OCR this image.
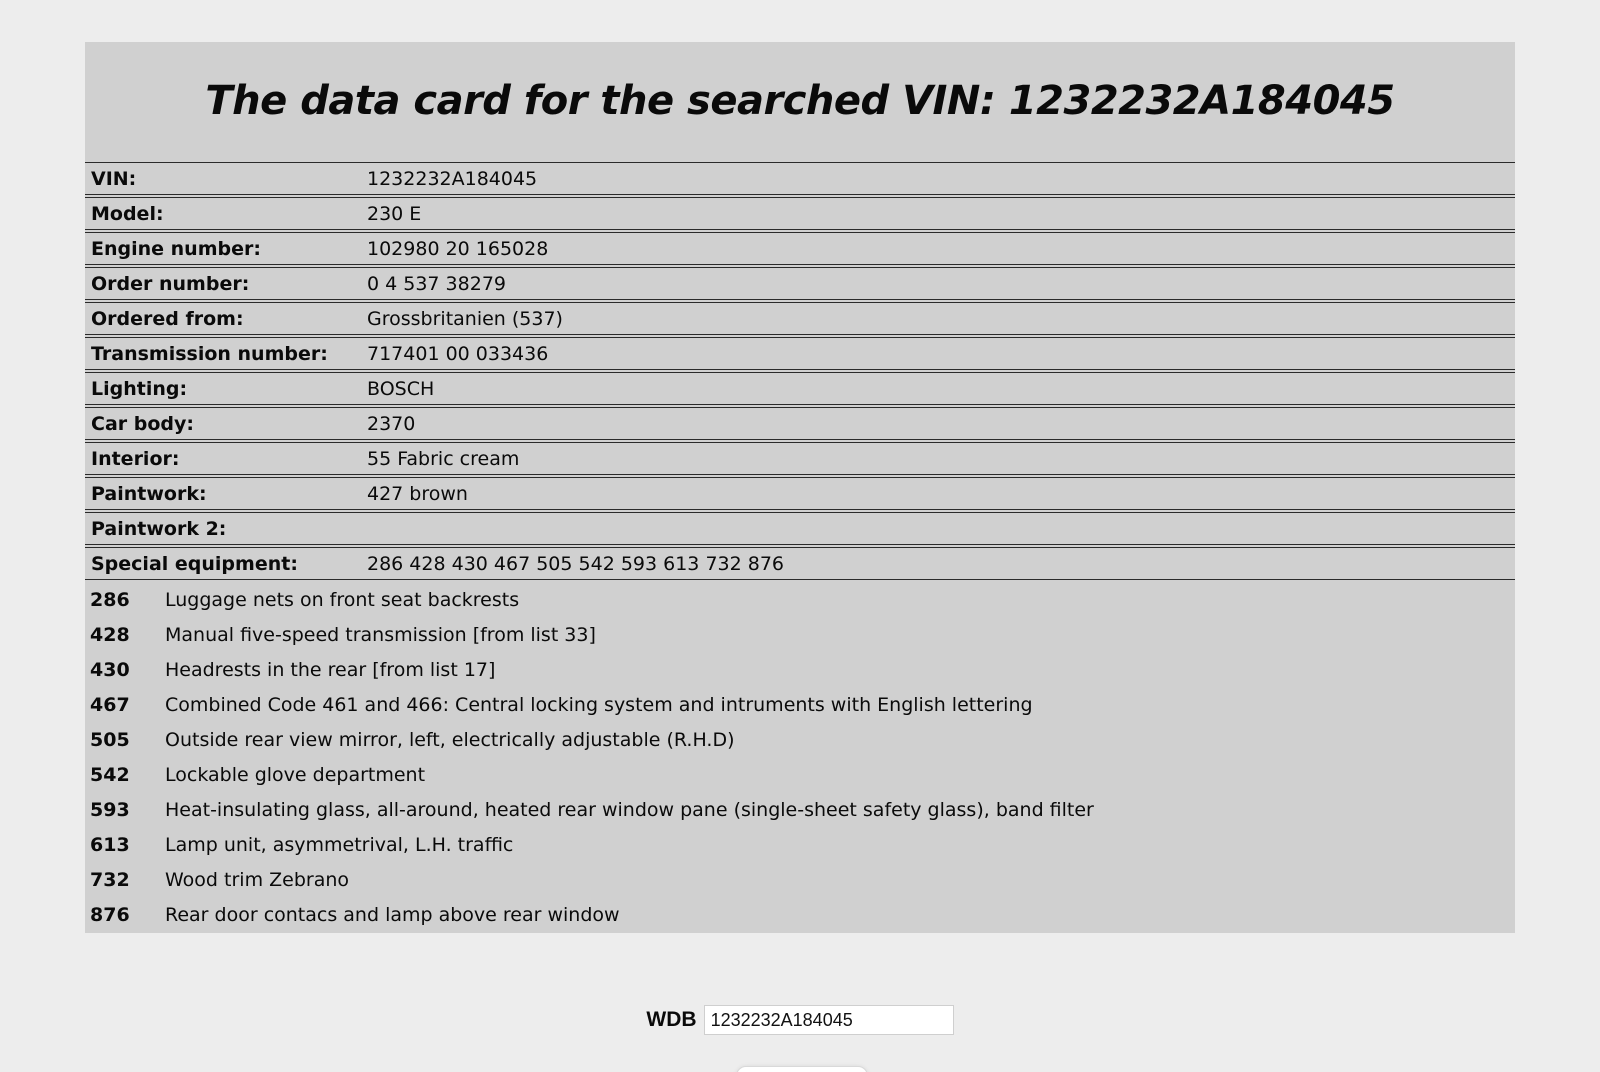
The data card for the searched VIN: 1232232A184045
VIN:	1232232A184045
Model:	230 E
Engine number:	102980 20 165028
Order number:	0 4 537 38279
Ordered from:	Grossbritanien (537)
Transmission number:	717401 00 033436
Lighting:	BOSCH
Car body:	2370
Interior:	55 Fabric cream
Paintwork:	427 brown
Paintwork 2:	
Special equipment:	286 428 430 467 505 542 593 613 732 876
286	Luggage nets on front seat backrests
428	Manual five-speed transmission [from list 33]
430	Headrests in the rear [from list 17]
467	Combined Code 461 and 466: Central locking system and intruments with English lettering
505	Outside rear view mirror, left, electrically adjustable (R.H.D)
542	Lockable glove department
593	Heat-insulating glass, all-around, heated rear window pane (single-sheet safety glass), band filter
613	Lamp unit, asymmetrival, L.H. traffic
732	Wood trim Zebrano
876	Rear door contacs and lamp above rear window
WDB
1232232A184045
